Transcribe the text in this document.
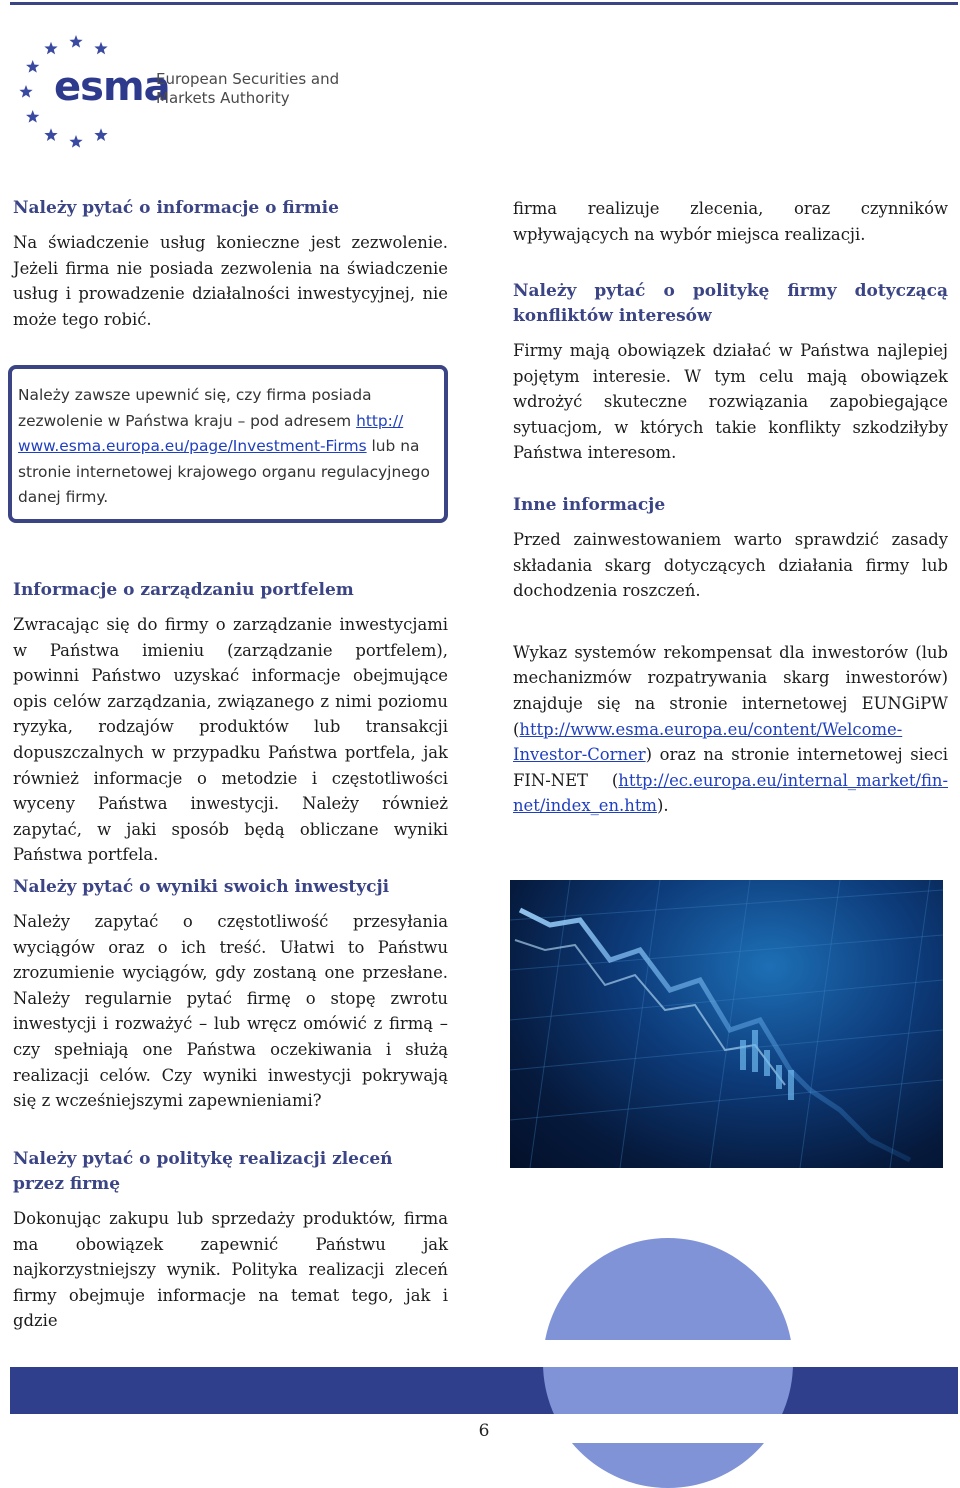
esma
European Securities and
Markets Authority
Należy pytać o informacje o firmie

Na świadczenie usług konieczne jest zezwolenie. Jeżeli firma nie posiada zezwolenia na świadczenie usług i prowadzenie działalności inwestycyjnej, nie może tego robić.

Należy zawsze upewnić się, czy firma posiada zezwolenie w Państwa kraju – pod adresem http:// www.esma.europa.eu/page/Investment-Firms lub na stronie internetowej krajowego organu regulacyjnego danej firmy.
Informacje o zarządzaniu portfelem

Zwracając się do firmy o zarządzanie inwestycjami w Państwa imieniu (zarządzanie portfelem), powinni Państwo uzyskać informacje obejmujące opis celów zarządzania, związanego z nimi poziomu ryzyka, rodzajów produktów lub transakcji dopuszczalnych w przypadku Państwa portfela, jak również informacje o metodzie i częstotliwości wyceny Państwa inwestycji. Należy również zapytać, w jaki sposób będą obliczane wyniki Państwa portfela.

Należy pytać o wyniki swoich inwestycji

Należy zapytać o częstotliwość przesyłania wyciągów oraz o ich treść. Ułatwi to Państwu zrozumienie wyciągów, gdy zostaną one przesłane. Należy regularnie pytać firmę o stopę zwrotu inwestycji i rozważyć – lub wręcz omówić z firmą – czy spełniają one Państwa oczekiwania i służą realizacji celów. Czy wyniki inwestycji pokrywają się z wcześniejszymi zapewnieniami?

Należy pytać o politykę realizacji zleceń przez firmę

Dokonując zakupu lub sprzedaży produktów, firma ma obowiązek zapewnić Państwu jak najkorzystniejszy wynik. Polityka realizacji zleceń firmy obejmuje informacje na temat tego, jak i gdzie

firma realizuje zlecenia, oraz czynników wpływających na wybór miejsca realizacji.

Należy pytać o politykę firmy dotyczącą konfliktów interesów

Firmy mają obowiązek działać w Państwa najlepiej pojętym interesie. W tym celu mają obowiązek wdrożyć skuteczne rozwiązania zapobiegające sytuacjom, w których takie konflikty szkodziłyby Państwa interesom.

Inne informacje

Przed zainwestowaniem warto sprawdzić zasady składania skarg dotyczących działania firmy lub dochodzenia roszczeń.

Wykaz systemów rekompensat dla inwestorów (lub mechanizmów rozpatrywania skarg inwestorów) znajduje się na stronie internetowej EUNGiPW (http://www.esma.europa.eu/content/Welcome-Investor-Corner) oraz na stronie internetowej sieci FIN-NET (http://ec.europa.eu/internal_market/fin-net/index_en.htm).

6
